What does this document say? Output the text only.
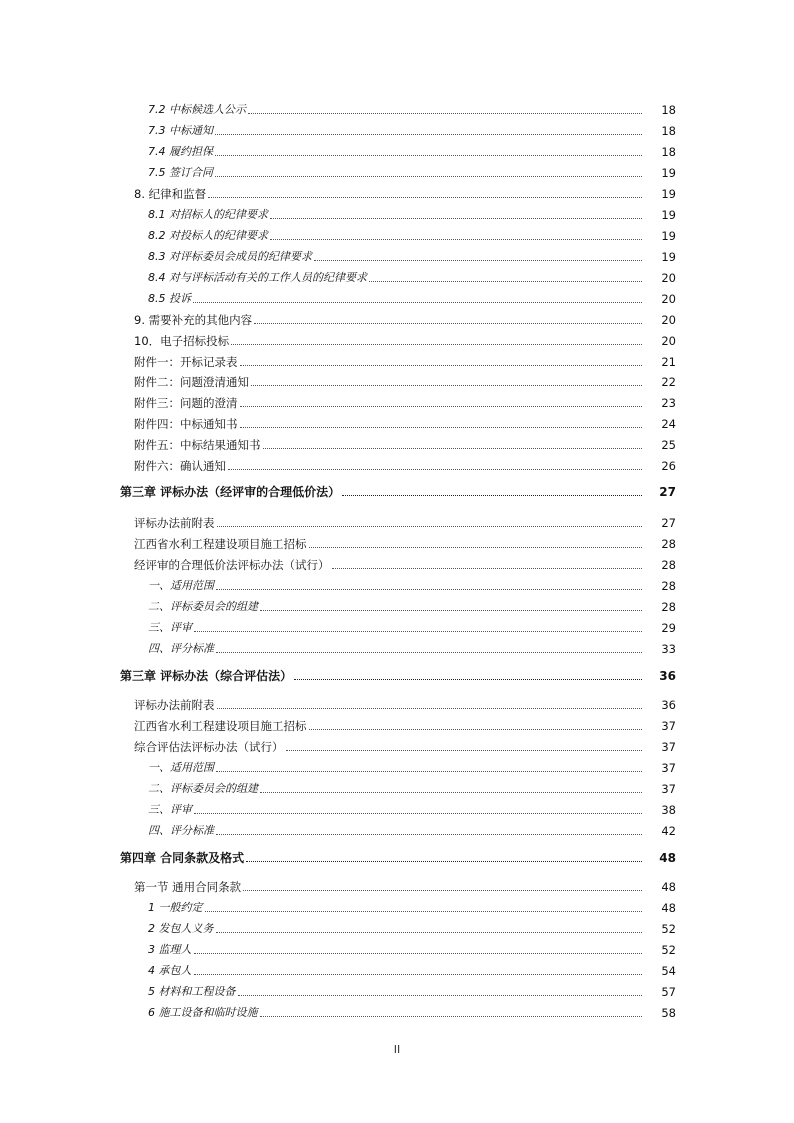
7.2 中标候选人公示	18
7.3 中标通知	18
7.4 履约担保	18
7.5 签订合同	19
8. 纪律和监督	19
8.1 对招标人的纪律要求	19
8.2 对投标人的纪律要求	19
8.3 对评标委员会成员的纪律要求	19
8.4 对与评标活动有关的工作人员的纪律要求	20
8.5 投诉	20
9. 需要补充的其他内容	20
10．电子招标投标	20
附件一：开标记录表	21
附件二：问题澄清通知	22
附件三：问题的澄清	23
附件四：中标通知书	24
附件五：中标结果通知书	25
附件六：确认通知	26
第三章 评标办法（经评审的合理低价法）	27
评标办法前附表	27
江西省水利工程建设项目施工招标	28
经评审的合理低价法评标办法（试行）	28
一、适用范围	28
二、评标委员会的组建	28
三、评审	29
四、评分标准	33
第三章 评标办法（综合评估法）	36
评标办法前附表	36
江西省水利工程建设项目施工招标	37
综合评估法评标办法（试行）	37
一、适用范围	37
二、评标委员会的组建	37
三、评审	38
四、评分标准	42
第四章 合同条款及格式	48
第一节 通用合同条款	48
1 一般约定	48
2 发包人义务	52
3 监理人	52
4 承包人	54
5 材料和工程设备	57
6 施工设备和临时设施	58
II
